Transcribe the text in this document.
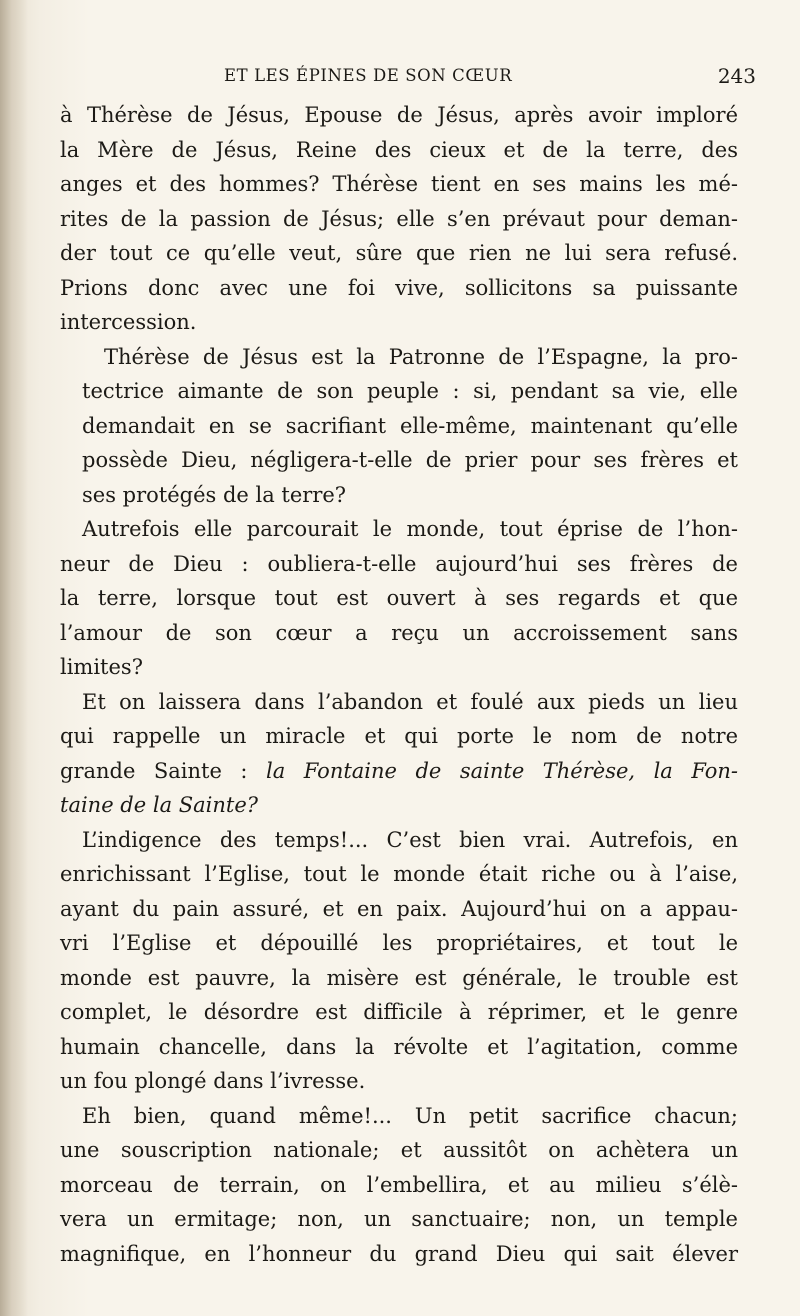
ET LES ÉPINES DE SON CŒUR	243

à Thérèse de Jésus, Epouse de Jésus, après avoir imploré
la Mère de Jésus, Reine des cieux et de la terre, des
anges et des hommes? Thérèse tient en ses mains les mé-
rites de la passion de Jésus; elle s’en prévaut pour deman-
der tout ce qu’elle veut, sûre que rien ne lui sera refusé.
Prions donc avec une foi vive, sollicitons sa puissante
intercession.

Thérèse de Jésus est la Patronne de l’Espagne, la pro-
tectrice aimante de son peuple : si, pendant sa vie, elle
demandait en se sacrifiant elle-même, maintenant qu’elle
possède Dieu, négligera-t-elle de prier pour ses frères et
ses protégés de la terre?

Autrefois elle parcourait le monde, tout éprise de l’hon-
neur de Dieu : oubliera-t-elle aujourd’hui ses frères de
la terre, lorsque tout est ouvert à ses regards et que
l’amour de son cœur a reçu un accroissement sans
limites?

Et on laissera dans l’abandon et foulé aux pieds un lieu
qui rappelle un miracle et qui porte le nom de notre
grande Sainte : la Fontaine de sainte Thérèse, la Fon-
taine de la Sainte?

L’indigence des temps!... C’est bien vrai. Autrefois, en
enrichissant l’Eglise, tout le monde était riche ou à l’aise,
ayant du pain assuré, et en paix. Aujourd’hui on a appau-
vri l’Eglise et dépouillé les propriétaires, et tout le
monde est pauvre, la misère est générale, le trouble est
complet, le désordre est difficile à réprimer, et le genre
humain chancelle, dans la révolte et l’agitation, comme
un fou plongé dans l’ivresse.

Eh bien, quand même!... Un petit sacrifice chacun;
une souscription nationale; et aussitôt on achètera un
morceau de terrain, on l’embellira, et au milieu s’élè-
vera un ermitage; non, un sanctuaire; non, un temple
magnifique, en l’honneur du grand Dieu qui sait élever
